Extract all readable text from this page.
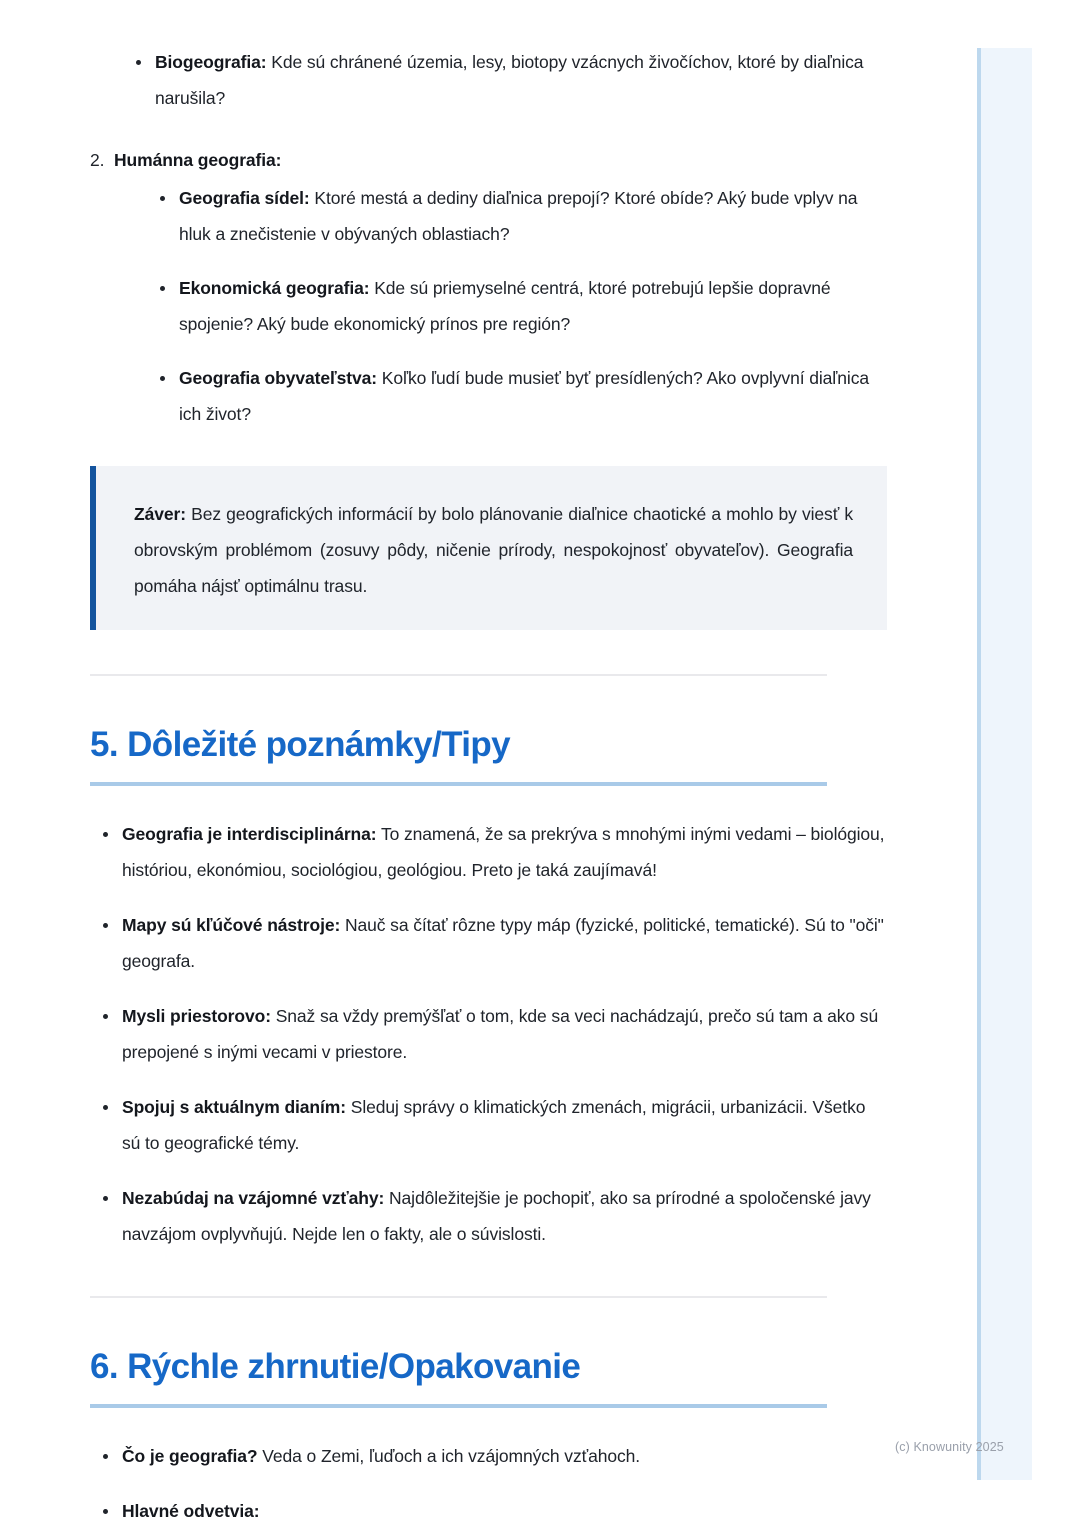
Biogeografia: Kde sú chránené územia, lesy, biotopy vzácnych živočíchov, ktoré by diaľnica narušila?
2. Humánna geografia:
Geografia sídel: Ktoré mestá a dediny diaľnica prepojí? Ktoré obíde? Aký bude vplyv na hluk a znečistenie v obývaných oblastiach?
Ekonomická geografia: Kde sú priemyselné centrá, ktoré potrebujú lepšie dopravné spojenie? Aký bude ekonomický prínos pre región?
Geografia obyvateľstva: Koľko ľudí bude musieť byť presídlených? Ako ovplyvní diaľnica ich život?

Záver: Bez geografických informácií by bolo plánovanie diaľnice chaotické a mohlo by viesť k obrovským problémom (zosuvy pôdy, ničenie prírody, nespokojnosť obyvateľov). Geografia pomáha nájsť optimálnu trasu.

5. Dôležité poznámky/Tipy
Geografia je interdisciplinárna: To znamená, že sa prekrýva s mnohými inými vedami – biológiou, históriou, ekonómiou, sociológiou, geológiou. Preto je taká zaujímavá!
Mapy sú kľúčové nástroje: Nauč sa čítať rôzne typy máp (fyzické, politické, tematické). Sú to "oči" geografa.
Mysli priestorovo: Snaž sa vždy premýšľať o tom, kde sa veci nachádzajú, prečo sú tam a ako sú prepojené s inými vecami v priestore.
Spojuj s aktuálnym dianím: Sleduj správy o klimatických zmenách, migrácii, urbanizácii. Všetko sú to geografické témy.
Nezabúdaj na vzájomné vzťahy: Najdôležitejšie je pochopiť, ako sa prírodné a spoločenské javy navzájom ovplyvňujú. Nejde len o fakty, ale o súvislosti.
6. Rýchle zhrnutie/Opakovanie
Čo je geografia? Veda o Zemi, ľuďoch a ich vzájomných vzťahoch.
Hlavné odvetvia:
(c) Knowunity 2025
